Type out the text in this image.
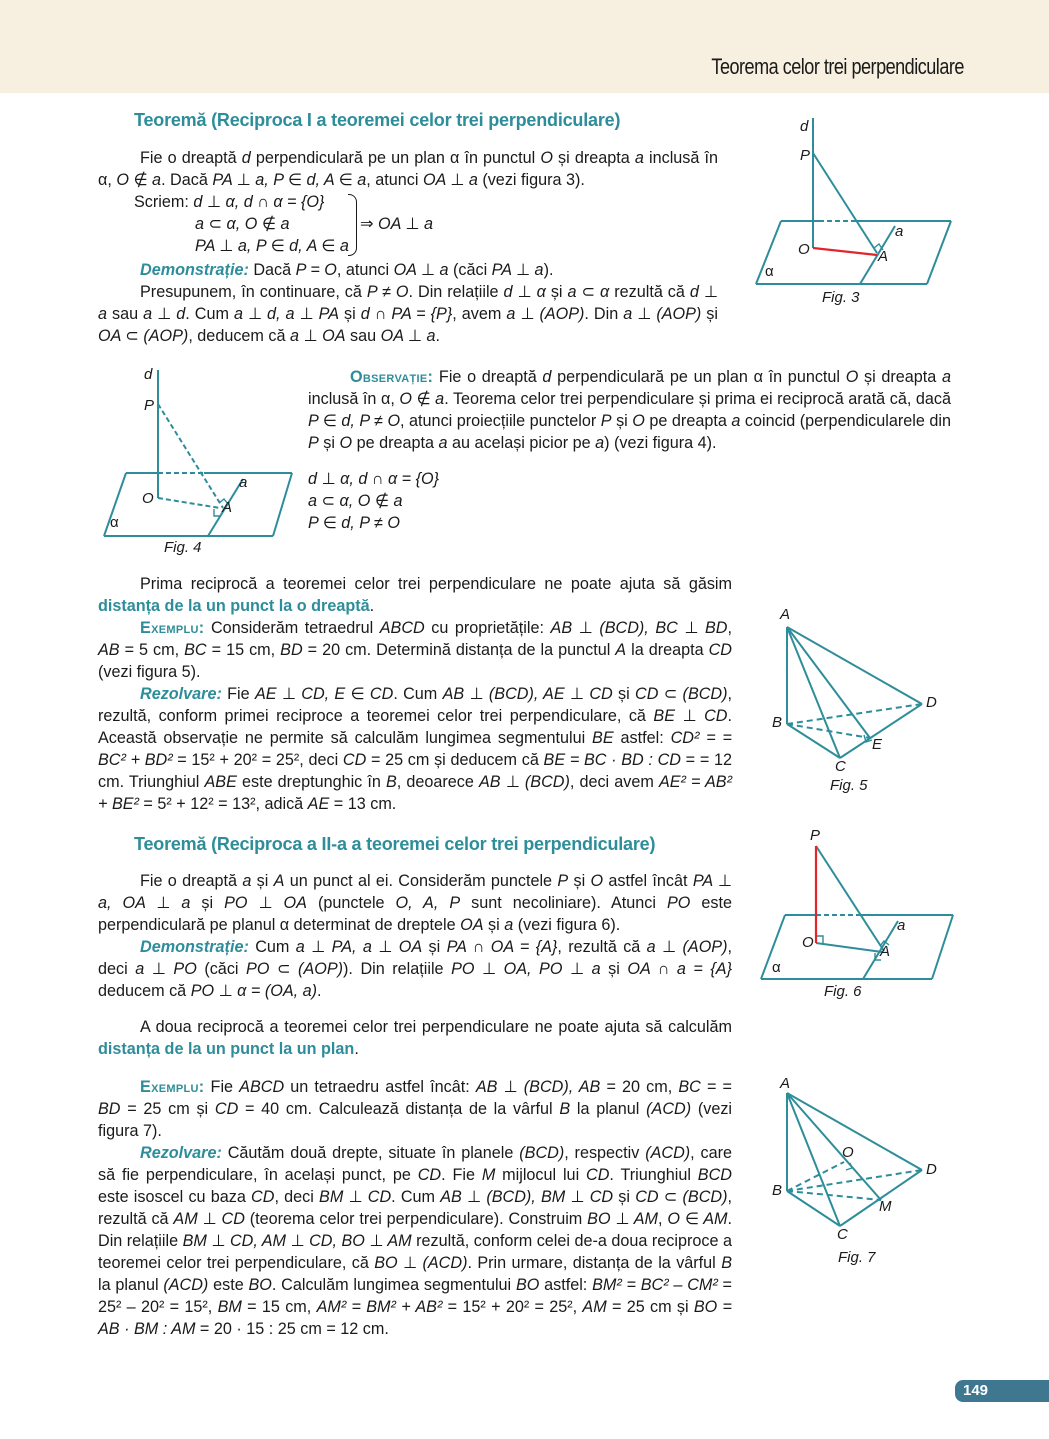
Teorema celor trei perpendiculare
Teoremă (Reciproca I a teoremei celor trei perpendiculare)

Fie o dreaptă d perpendiculară pe un plan α în punctul O și dreapta a inclusă în α, O ∉ a. Dacă PA ⊥ a, P ∈ d, A ∈ a, atunci OA ⊥ a (vezi figura 3).

Scriem: d ⊥ α, d ∩ α = {O}
a ⊂ α, O ∉ a
PA ⊥ a, P ∈ d, A ∈ a
⇒ OA ⊥ a

Demonstrație: Dacă P = O, atunci OA ⊥ a (căci PA ⊥ a).

Presupunem, în continuare, că P ≠ O. Din relațiile d ⊥ α și a ⊂ α rezultă că d ⊥ a sau a ⊥ d. Cum a ⊥ d, a ⊥ PA și d ∩ PA = {P}, avem a ⊥ (AOP). Din a ⊥ (AOP) și OA ⊂ (AOP), deducem că a ⊥ OA sau OA ⊥ a.

d
P
O	A
a
α
Fig. 3
d
P
O
A
a
α
Fig. 4

Observație: Fie o dreaptă d perpendiculară pe un plan α în punctul O și dreapta a inclusă în α, O ∉ a. Teorema celor trei perpendiculare și prima ei reciprocă arată că, dacă P ∈ d, P ≠ O, atunci proiecțiile punctelor P și O pe dreapta a coincid (perpendicularele din P și O pe dreapta a au același picior pe a) (vezi figura 4).

d ⊥ α, d ∩ α = {O}
a ⊂ α, O ∉ a
P ∈ d, P ≠ O

Prima reciprocă a teoremei celor trei perpendiculare ne poate ajuta să găsim distanța de la un punct la o dreaptă.

Exemplu: Considerăm tetraedrul ABCD cu proprietățile: AB ⊥ (BCD), BC ⊥ BD, AB = 5 cm, BC = 15 cm, BD = 20 cm. Determină distanța de la punctul A la dreapta CD (vezi figura 5).

Rezolvare: Fie AE ⊥ CD, E ∈ CD. Cum AB ⊥ (BCD), AE ⊥ CD și CD ⊂ (BCD), rezultă, conform primei reciproce a teoremei celor trei perpendiculare, că BE ⊥ CD. Această observație ne permite să calculăm lungimea segmentului BE astfel: CD² = = BC² + BD² = 15² + 20² = 25², deci CD = 25 cm și deducem că BE = BC · BD : CD = = 12 cm. Triunghiul ABE este dreptunghic în B, deoarece AB ⊥ (BCD), deci avem AE² = AB² + BE² = 5² + 12² = 13², adică AE = 13 cm.

A
B
C
D
E
Fig. 5
Teoremă (Reciproca a II-a a teoremei celor trei perpendiculare)

Fie o dreaptă a și A un punct al ei. Considerăm punctele P și O astfel încât PA ⊥ a, OA ⊥ a și PO ⊥ OA (punctele O, A, P sunt necoliniare). Atunci PO este perpendiculară pe planul α determinat de dreptele OA și a (vezi figura 6).

Demonstrație: Cum a ⊥ PA, a ⊥ OA și PA ∩ OA = {A}, rezultă că a ⊥ (AOP), deci a ⊥ PO (căci PO ⊂ (AOP)). Din relațiile PO ⊥ OA, PO ⊥ a și OA ∩ a = {A} deducem că PO ⊥ α = (OA, a).

A doua reciprocă a teoremei celor trei perpendiculare ne poate ajuta să calculăm distanța de la un punct la un plan.

P
O
A
a
α
Fig. 6

Exemplu: Fie ABCD un tetraedru astfel încât: AB ⊥ (BCD), AB = 20 cm, BC = = BD = 25 cm și CD = 40 cm. Calculează distanța de la vârful B la planul (ACD) (vezi figura 7).

Rezolvare: Căutăm două drepte, situate în planele (BCD), respectiv (ACD), care să fie perpendiculare, în același punct, pe CD. Fie M mijlocul lui CD. Triunghiul BCD este isoscel cu baza CD, deci BM ⊥ CD. Cum AB ⊥ (BCD), BM ⊥ CD și CD ⊂ (BCD), rezultă că AM ⊥ CD (teorema celor trei perpendiculare). Construim BO ⊥ AM, O ∈ AM. Din relațiile BM ⊥ CD, AM ⊥ CD, BO ⊥ AM rezultă, conform celei de-a doua reciproce a teoremei celor trei perpendiculare, că BO ⊥ (ACD). Prin urmare, distanța de la vârful B la planul (ACD) este BO. Calculăm lungimea segmentului BO astfel: BM² = BC² – CM² = 25² – 20² = 15², BM = 15 cm, AM² = BM² + AB² = 15² + 20² = 25², AM = 25 cm și BO = AB · BM : AM = 20 · 15 : 25 cm = 12 cm.

A
B
C
D
O
M
Fig. 7
149
